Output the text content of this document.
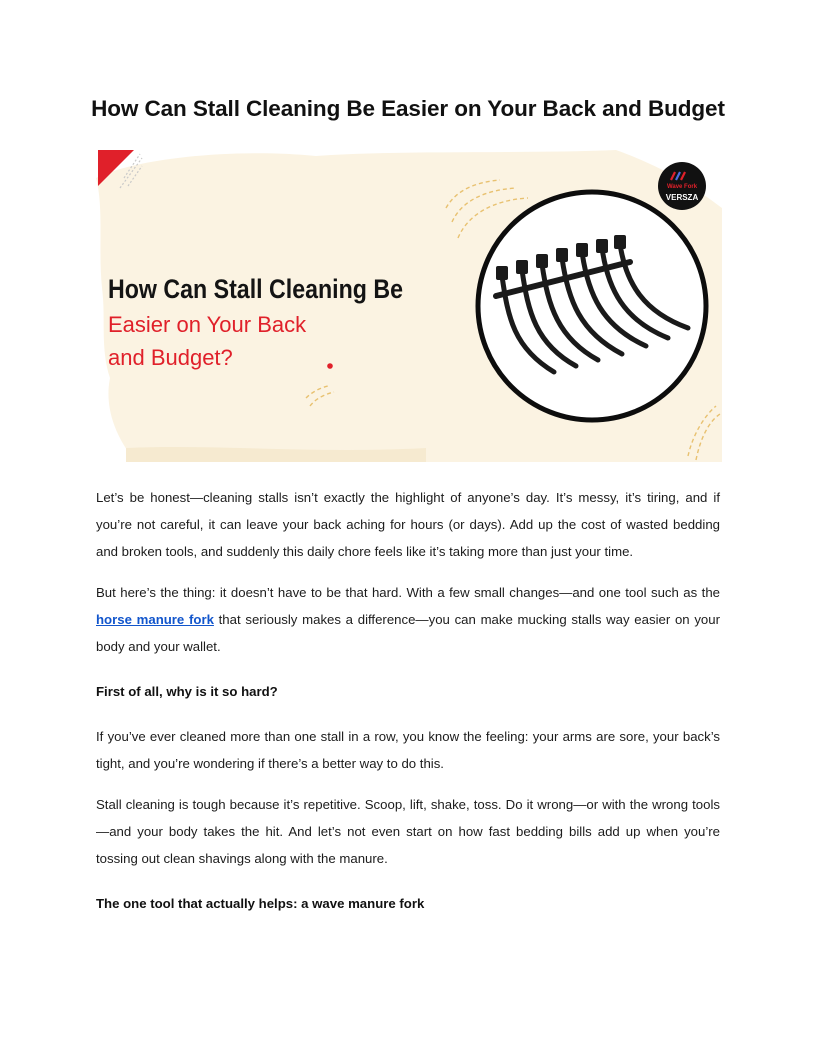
How Can Stall Cleaning Be Easier on Your Back and Budget
How Can Stall Cleaning Be
Easier on Your Back
and Budget?
Wave Fork
VERSZA

Let’s be honest—cleaning stalls isn’t exactly the highlight of anyone’s day. It’s messy, it’s tiring, and if you’re not careful, it can leave your back aching for hours (or days). Add up the cost of wasted bedding and broken tools, and suddenly this daily chore feels like it’s taking more than just your time.

But here’s the thing: it doesn’t have to be that hard. With a few small changes—and one tool such as the horse manure fork that seriously makes a difference—you can make mucking stalls way easier on your body and your wallet.

First of all, why is it so hard?

If you’ve ever cleaned more than one stall in a row, you know the feeling: your arms are sore, your back’s tight, and you’re wondering if there’s a better way to do this.

Stall cleaning is tough because it’s repetitive. Scoop, lift, shake, toss. Do it wrong—or with the wrong tools—and your body takes the hit. And let’s not even start on how fast bedding bills add up when you’re tossing out clean shavings along with the manure.

The one tool that actually helps: a wave manure fork
